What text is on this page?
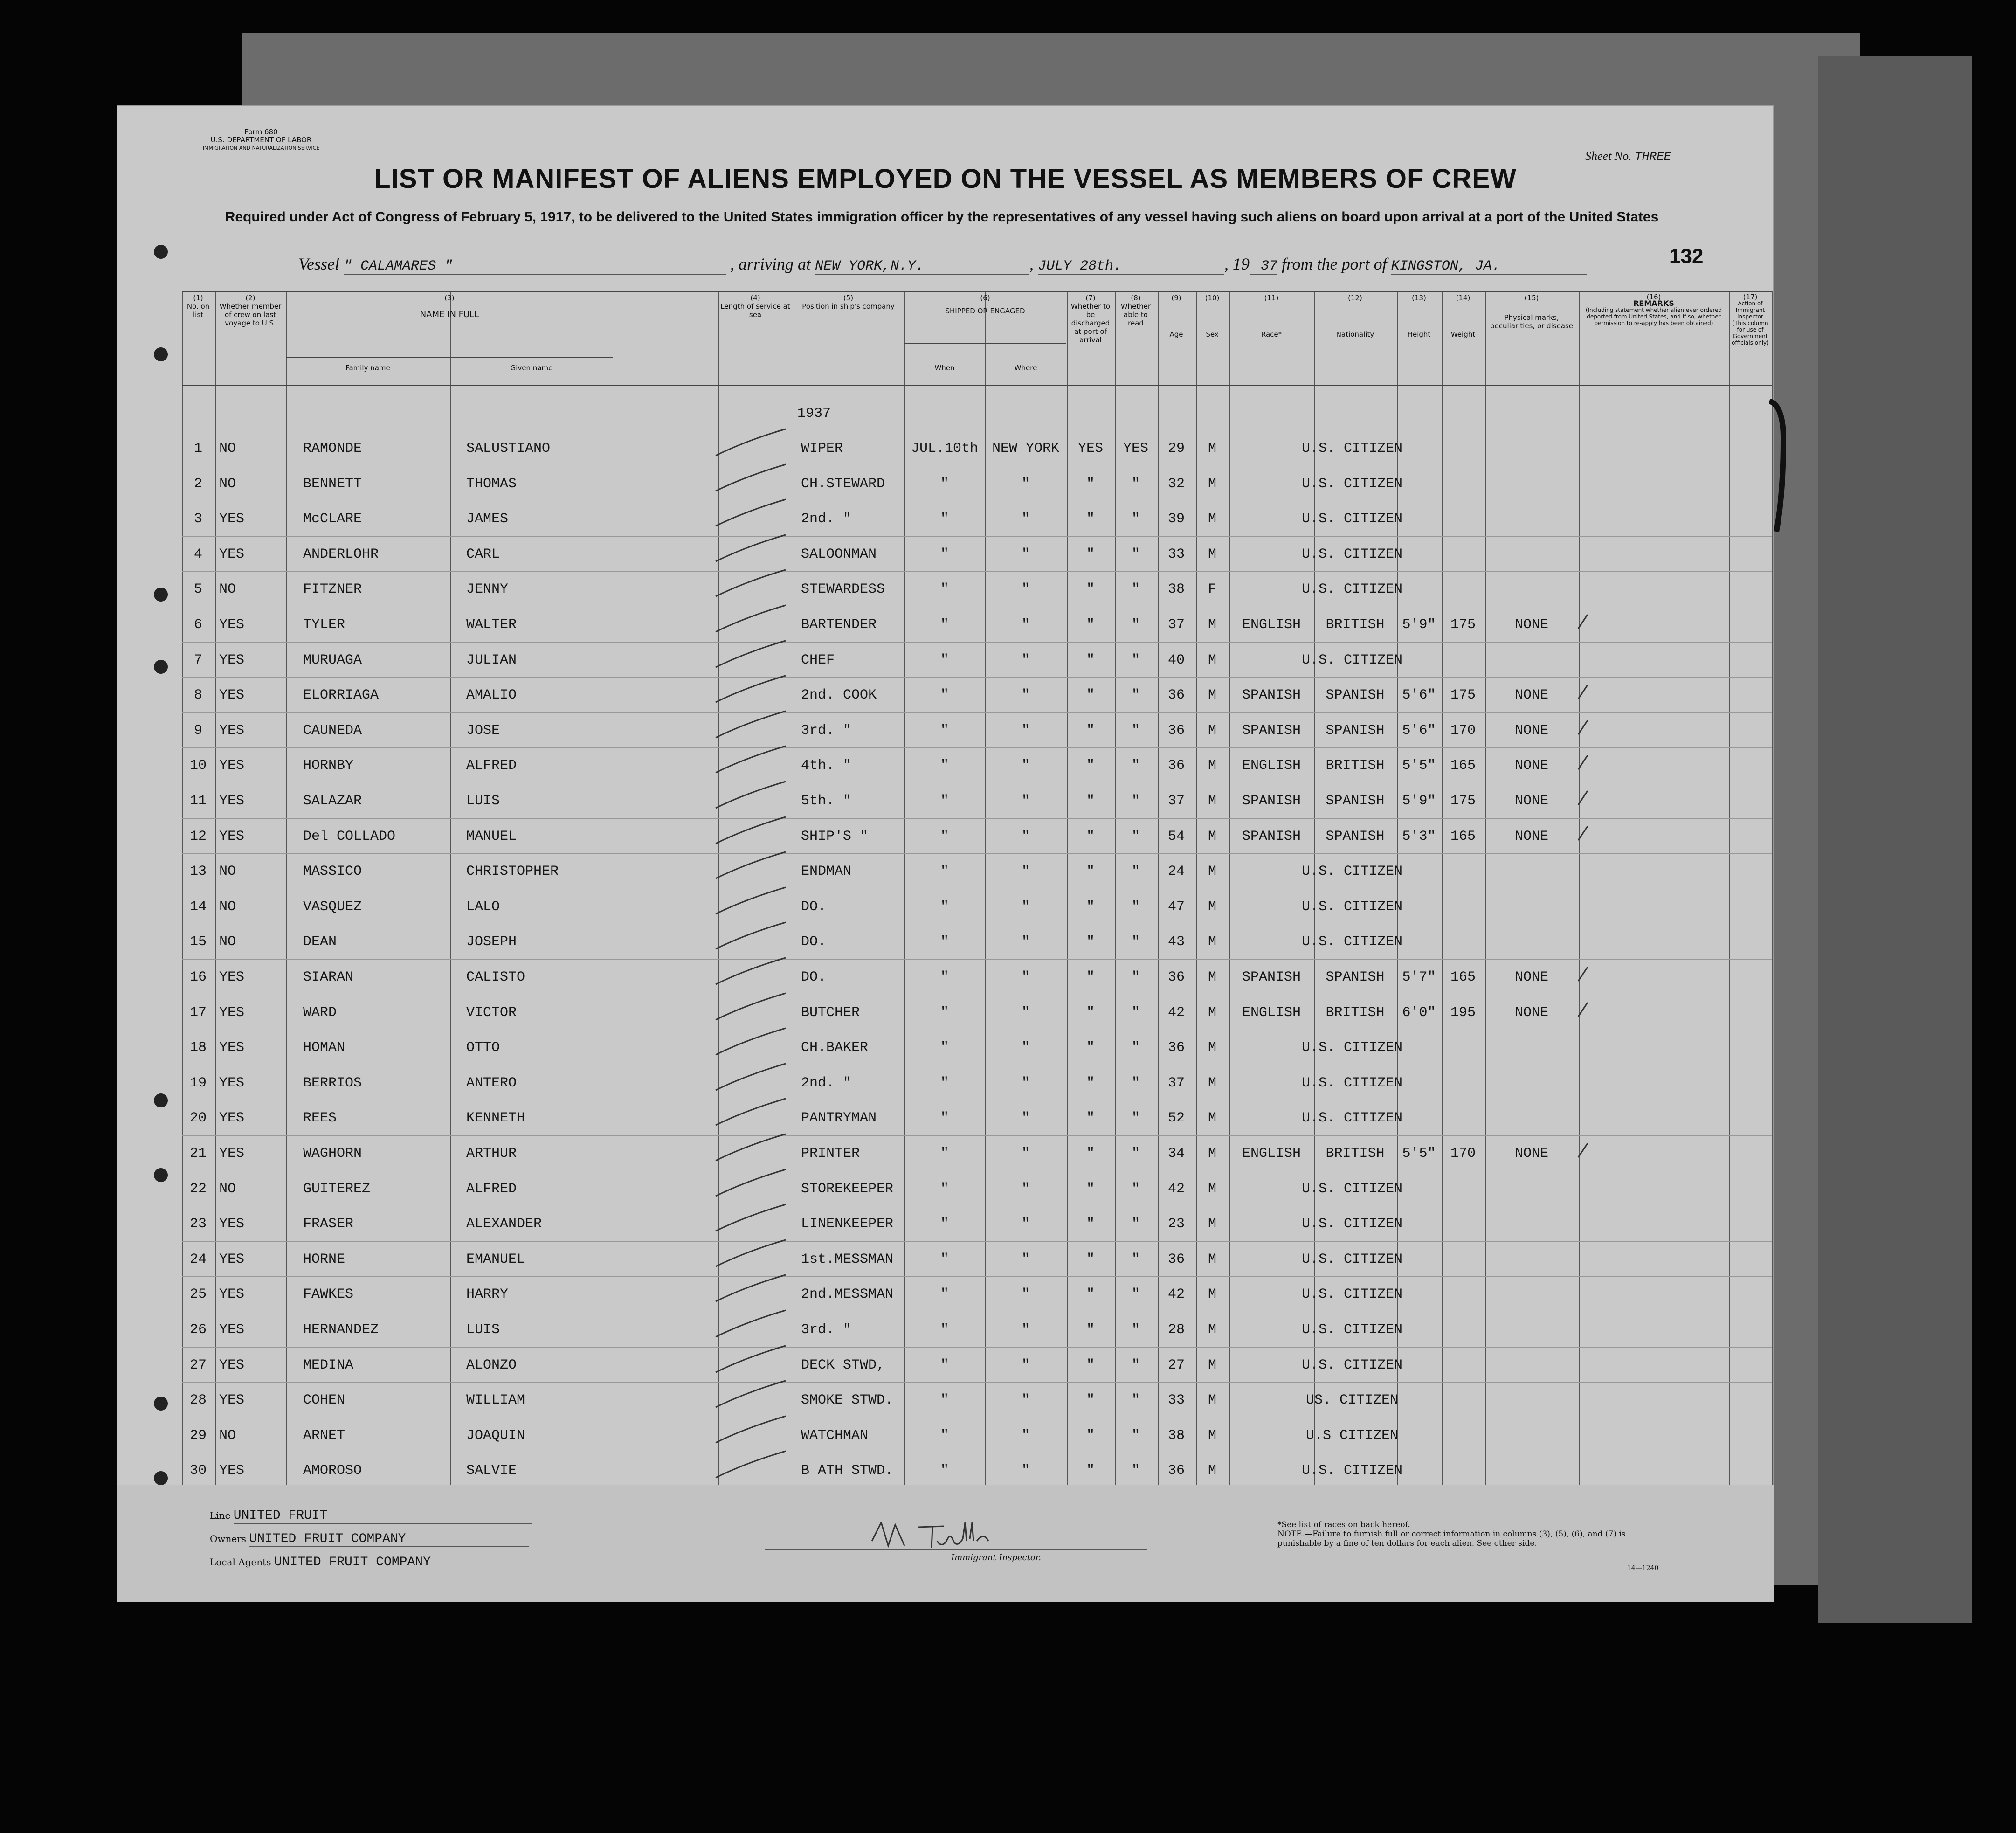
Form 680
U.S. DEPARTMENT OF LABOR
IMMIGRATION AND NATURALIZATION SERVICE
Sheet No. THREE
LIST OR MANIFEST OF ALIENS EMPLOYED ON THE VESSEL AS MEMBERS OF CREW
Required under Act of Congress of February 5, 1917, to be delivered to the United States immigration officer by the representatives of any vessel having such aliens on board upon arrival at a port of the United States
132
Vessel " CALAMARES "	, arriving at NEW YORK,N.Y.	, JULY 28th.	, 19 37 from the port of KINGSTON, JA.
(1)
No. on list
(2)
Whether member of crew on last voyage to U.S.
(3)
NAME IN FULL
Family name	Given name
(4)
Length of service at sea
(5)
Position in ship's company
(6)
SHIPPED OR ENGAGED
When	Where
(7)
Whether to be discharged at port of arrival
(8)
Whether able to read
(9)
Age
(10)
Sex
(11)
Race*
(12)
Nationality
(13)
Height
(14)
Weight
(15)
Physical marks, peculiarities, or disease
(16)
REMARKS
(Including statement whether alien ever ordered deported from United States, and if so, whether permission to re-apply has been obtained)
(17)
Action of Immigrant Inspector
(This column for use of Government officials only)
1937
1	NO	RAMONDE	SALUSTIANO	WIPER	JUL.10th NEW YORK	YES	YES	29	M	U.S. CITIZEN
2	NO	BENNETT	THOMAS	CH.STEWARD	"	"	"	"	32	M	U.S. CITIZEN
3	YES	McCLARE	JAMES	2nd. "	"	"	"	"	39	M	U.S. CITIZEN
4	YES	ANDERLOHR	CARL	SALOONMAN	"	"	"	"	33	M	U.S. CITIZEN
5	NO	FITZNER	JENNY	STEWARDESS	"	"	"	"	38	F	U.S. CITIZEN
6	YES	TYLER	WALTER	BARTENDER	"	"	"	"	37	M	ENGLISH	BRITISH	5'9"	175	NONE
7	YES	MURUAGA	JULIAN	CHEF	"	"	"	"	40	M	U.S. CITIZEN
8	YES	ELORRIAGA	AMALIO	2nd. COOK	"	"	"	"	36	M	SPANISH	SPANISH	5'6"	175	NONE
9	YES	CAUNEDA	JOSE	3rd. "	"	"	"	"	36	M	SPANISH	SPANISH	5'6"	170	NONE
10 YES	HORNBY	ALFRED	4th. "	"	"	"	"	36	M	ENGLISH	BRITISH	5'5"	165	NONE
11 YES	SALAZAR	LUIS	5th. "	"	"	"	"	37	M	SPANISH	SPANISH	5'9"	175	NONE
12 YES	Del COLLADO	MANUEL	SHIP'S "	"	"	"	"	54	M	SPANISH	SPANISH	5'3"	165	NONE
13 NO	MASSICO	CHRISTOPHER	ENDMAN	"	"	"	"	24	M	U.S. CITIZEN
14 NO	VASQUEZ	LALO	DO.	"	"	"	"	47	M	U.S. CITIZEN
15 NO	DEAN	JOSEPH	DO.	"	"	"	"	43	M	U.S. CITIZEN
16 YES	SIARAN	CALISTO	DO.	"	"	"	"	36	M	SPANISH	SPANISH	5'7"	165	NONE
17 YES	WARD	VICTOR	BUTCHER	"	"	"	"	42	M	ENGLISH	BRITISH	6'0"	195	NONE
18 YES	HOMAN	OTTO	CH.BAKER	"	"	"	"	36	M	U.S. CITIZEN
19 YES	BERRIOS	ANTERO	2nd. "	"	"	"	"	37	M	U.S. CITIZEN
20 YES	REES	KENNETH	PANTRYMAN	"	"	"	"	52	M	U.S. CITIZEN
21 YES	WAGHORN	ARTHUR	PRINTER	"	"	"	"	34	M	ENGLISH	BRITISH	5'5"	170	NONE
22 NO	GUITEREZ	ALFRED	STOREKEEPER	"	"	"	"	42	M	U.S. CITIZEN
23 YES	FRASER	ALEXANDER	LINENKEEPER	"	"	"	"	23	M	U.S. CITIZEN
24 YES	HORNE	EMANUEL	1st.MESSMAN	"	"	"	"	36	M	U.S. CITIZEN
25 YES	FAWKES	HARRY	2nd.MESSMAN	"	"	"	"	42	M	U.S. CITIZEN
26 YES	HERNANDEZ	LUIS	3rd. "	"	"	"	"	28	M	U.S. CITIZEN
27 YES	MEDINA	ALONZO	DECK STWD,	"	"	"	"	27	M	U.S. CITIZEN
28 YES	COHEN	WILLIAM	SMOKE STWD.	"	"	"	"	33	M	US. CITIZEN
29 NO	ARNET	JOAQUIN	WATCHMAN	"	"	"	"	38	M	U.S CITIZEN
30 YES	AMOROSO	SALVIE	B ATH STWD.	"	"	"	"	36	M	U.S. CITIZEN
Line UNITED FRUIT
Owners UNITED FRUIT COMPANY
Local Agents UNITED FRUIT COMPANY	Immigrant Inspector.
*See list of races on back hereof.
NOTE.—Failure to furnish full or correct information in columns (3), (5), (6), and (7) is punishable by a fine of ten dollars for each alien. See other side.
14—1240
